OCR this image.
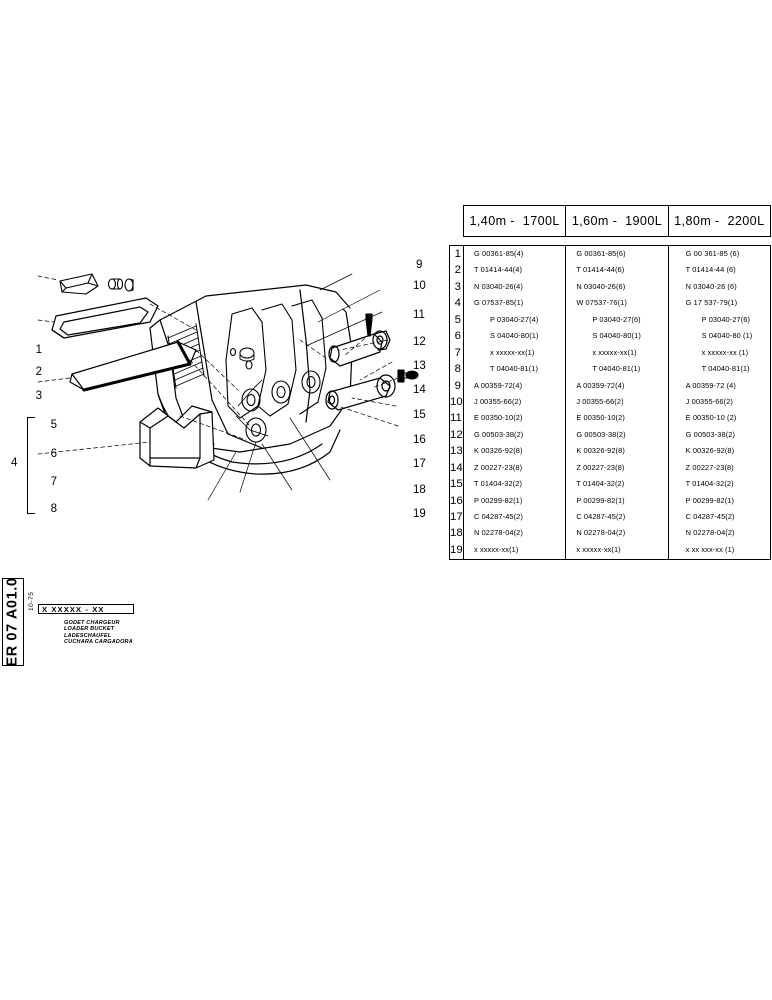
1
2
3
5
6
7
8
4
9
10
11
12
13
14
15
16
17
18
19
1,40m - 1700L 1,60m - 1900L 1,80m - 2200L
1
2
3
4
5
6
7
8
9
10
11
12
13
14
15
16
17
18
19
G 00361-85(4)
T 01414-44(4)
N 03040-26(4)
G 07537-85(1)
P 03040-27(4)
S 04040-80(1)
x xxxxx-xx(1)
T 04040-81(1)
A 00359-72(4)
J 00355-66(2)
E 00350-10(2)
G 00503-38(2)
K 00326-92(8)
Z 00227-23(8)
T 01404-32(2)
P 00299-82(1)
C 04287-45(2)
N 02278-04(2)
x xxxxx-xx(1)
G 00361-85(6)
T 01414-44(6)
N 03040-26(6)
W 07537-76(1)
P 03040-27(6)
S 04040-80(1)
x xxxxx-xx(1)
T 04040-81(1)
A 00359-72(4)
J 00355-66(2)
E 00350-10(2)
G 00503-38(2)
K 00326-92(8)
Z 00227-23(8)
T 01404-32(2)
P 00299-82(1)
C 04287-45(2)
N 02278-04(2)
x xxxxx-xx(1)
G 00 361-85 (6)
T 01414-44 (6)
N 03040-26 (6)
G 17 537-79(1)
P 03040-27(6)
S 04040-80 (1)
x xxxxx-xx (1)
T 04040-81(1)
A 00359-72 (4)
J 00355-66(2)
E 00350-10 (2)
G 00503-38(2)
K 00326-92(8)
Z 00227-23(8)
T 01404-32(2)
P 00299-82(1)
C 04287-45(2)
N 02278-04(2)
x xx xxx-xx (1)
ER 07 A01.0 10-75 X XXXXX - XX
GODET CHARGEUR
LOADER BUCKET
LADESCHAUFEL
CUCHARA CARGADORA
